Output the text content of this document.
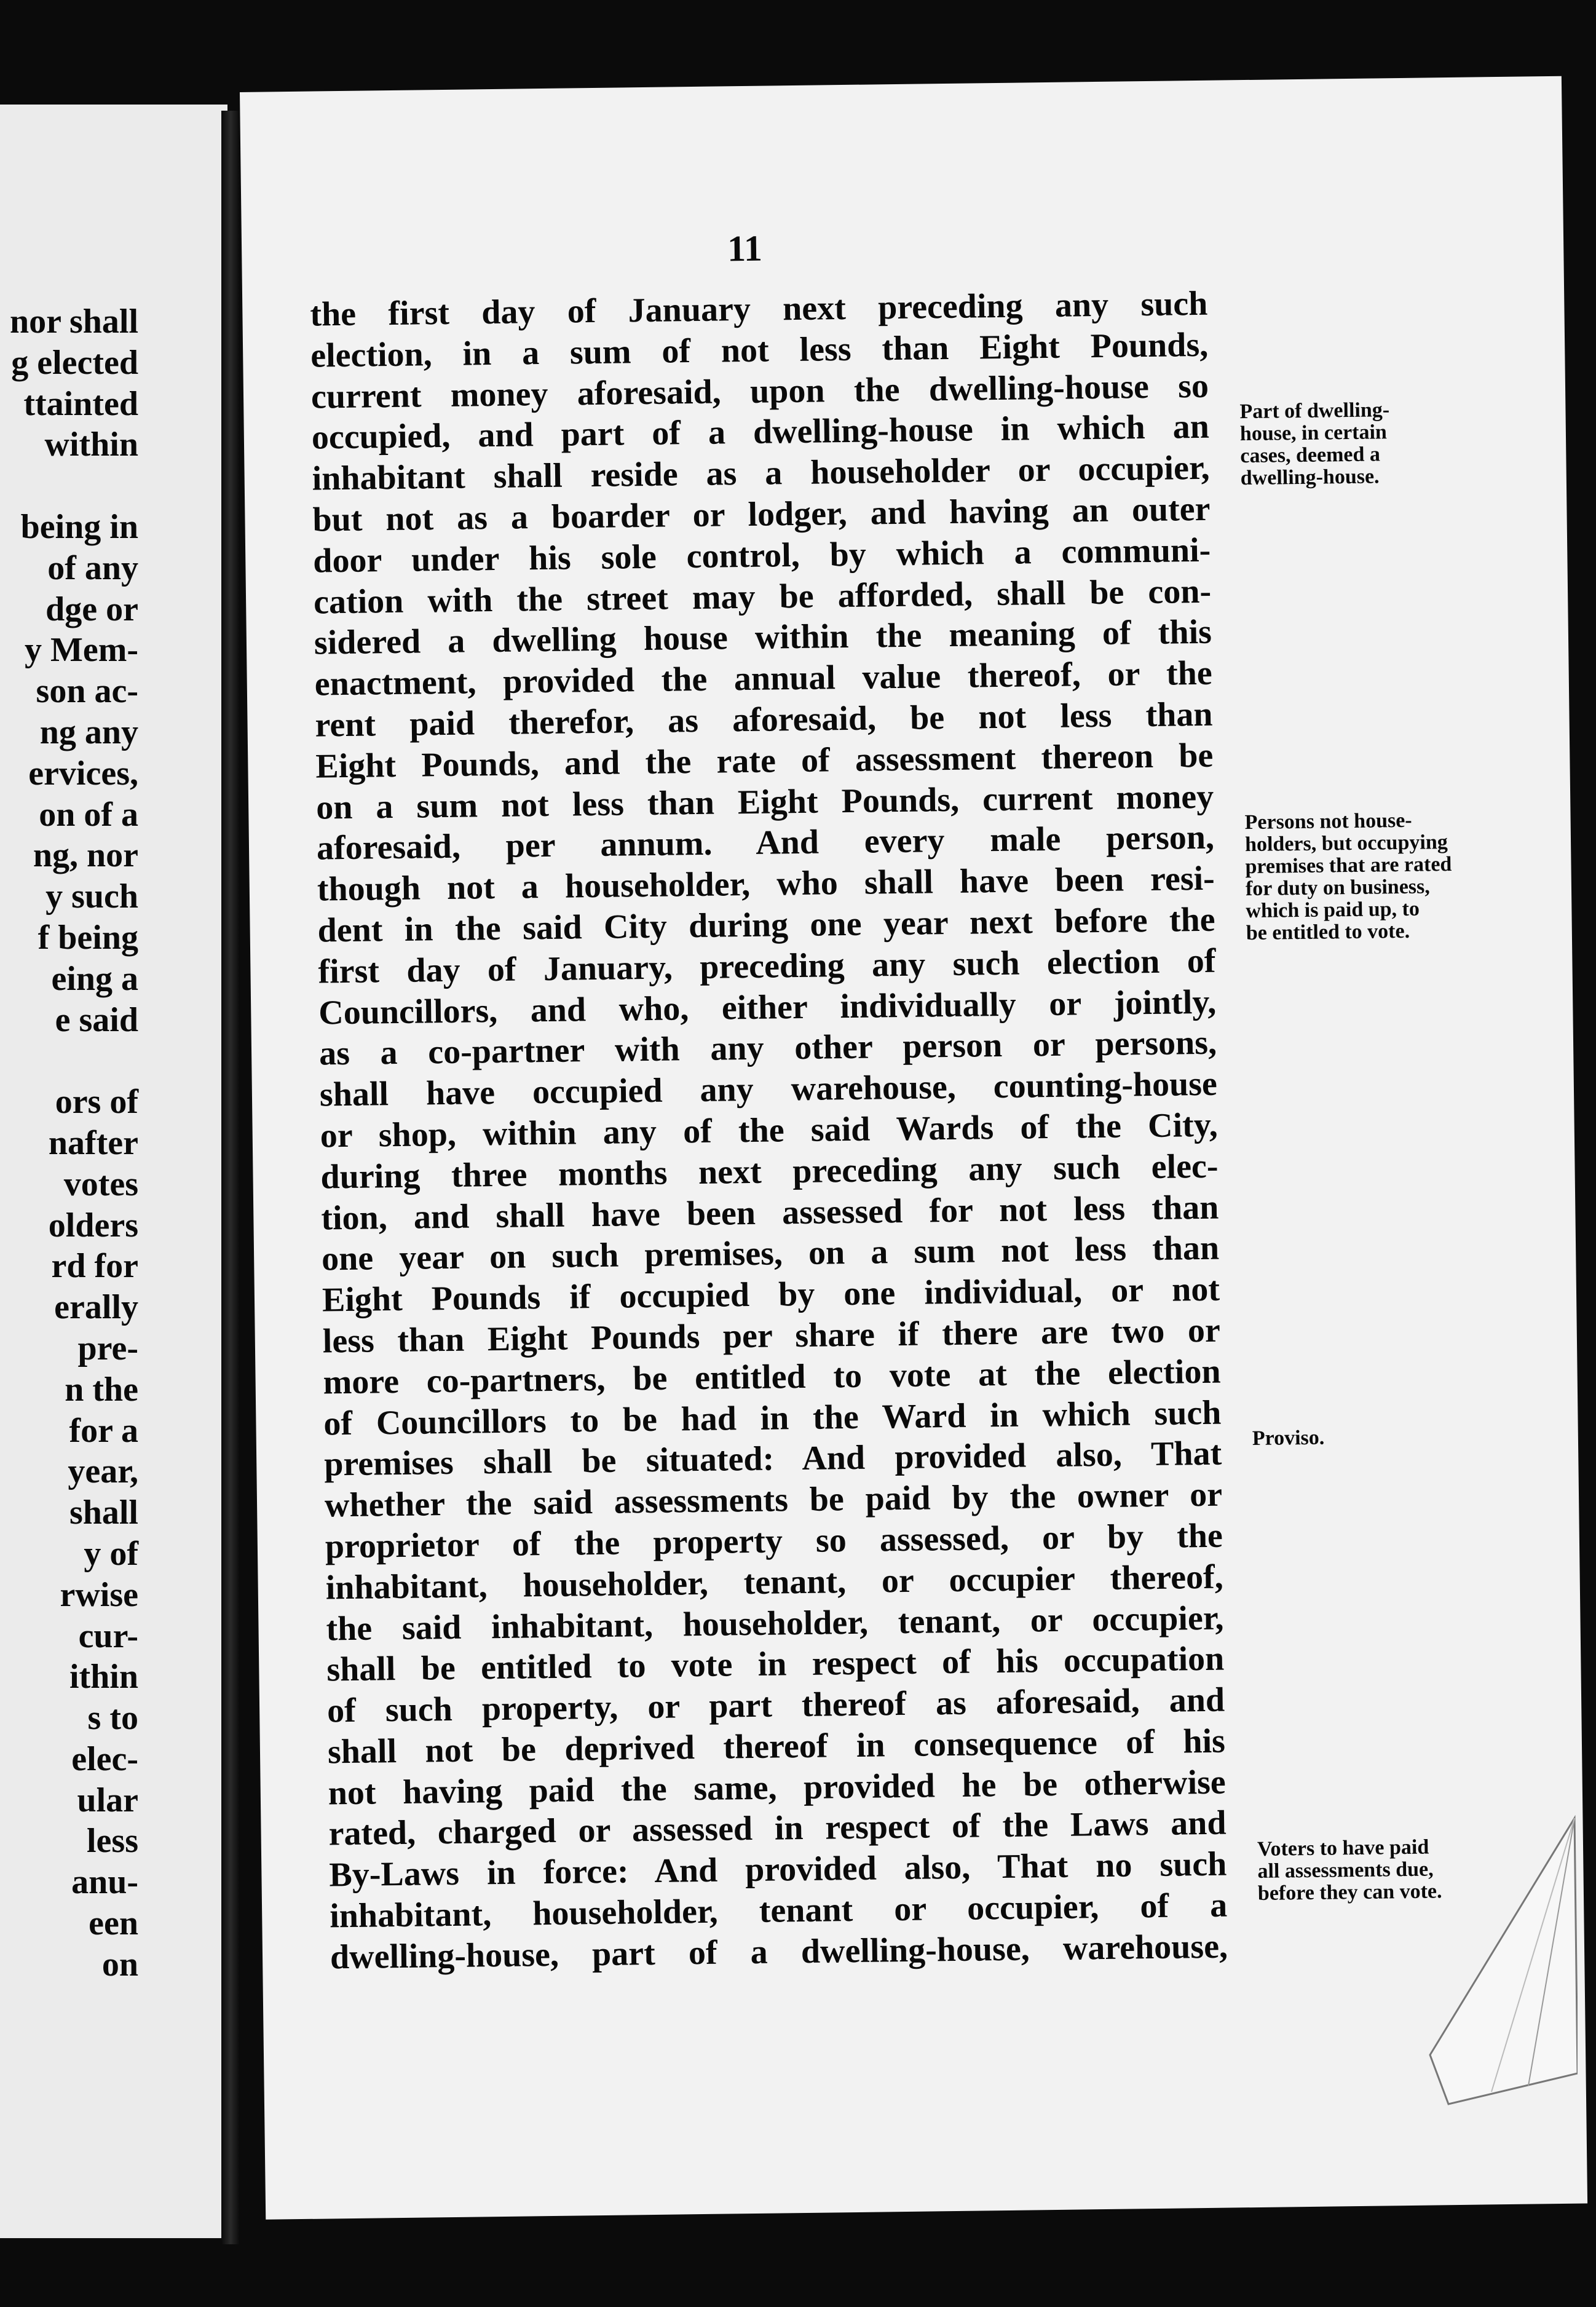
nor shall
g elected
ttainted
within
being in
of any
dge or
y Mem-
son ac-
ng any
ervices,
on of a
ng, nor
y such
f being
eing a
e said
ors of
nafter
votes
olders
rd for
erally
pre-
n the
for a
year,
shall
y of
rwise
cur-
ithin
s to
elec-
ular
less
anu-
een
on
11
the first day of January next preceding any such
election, in a sum of not less than Eight Pounds,
current money aforesaid, upon the dwelling-house so
occupied, and part of a dwelling-house in which an
inhabitant shall reside as a householder or occupier,
but not as a boarder or lodger, and having an outer
door under his sole control, by which a communi-
cation with the street may be afforded, shall be con-
sidered a dwelling house within the meaning of this
enactment, provided the annual value thereof, or the
rent paid therefor, as aforesaid, be not less than
Eight Pounds, and the rate of assessment thereon be
on a sum not less than Eight Pounds, current money
aforesaid, per annum. And every male person,
though not a householder, who shall have been resi-
dent in the said City during one year next before the
first day of January, preceding any such election of
Councillors, and who, either individually or jointly,
as a co-partner with any other person or persons,
shall have occupied any warehouse, counting-house
or shop, within any of the said Wards of the City,
during three months next preceding any such elec-
tion, and shall have been assessed for not less than
one year on such premises, on a sum not less than
Eight Pounds if occupied by one individual, or not
less than Eight Pounds per share if there are two or
more co-partners, be entitled to vote at the election
of Councillors to be had in the Ward in which such
premises shall be situated: And provided also, That
whether the said assessments be paid by the owner or
proprietor of the property so assessed, or by the
inhabitant, householder, tenant, or occupier thereof,
the said inhabitant, householder, tenant, or occupier,
shall be entitled to vote in respect of his occupation
of such property, or part thereof as aforesaid, and
shall not be deprived thereof in consequence of his
not having paid the same, provided he be otherwise
rated, charged or assessed in respect of the Laws and
By-Laws in force: And provided also, That no such
inhabitant, householder, tenant or occupier, of a
dwelling-house, part of a dwelling-house, warehouse,
Part of dwelling-
house, in certain
cases, deemed a
dwelling-house.
Persons not house-
holders, but occupying
premises that are rated
for duty on business,
which is paid up, to
be entitled to vote.
Proviso.
Voters to have paid
all assessments due,
before they can vote.
